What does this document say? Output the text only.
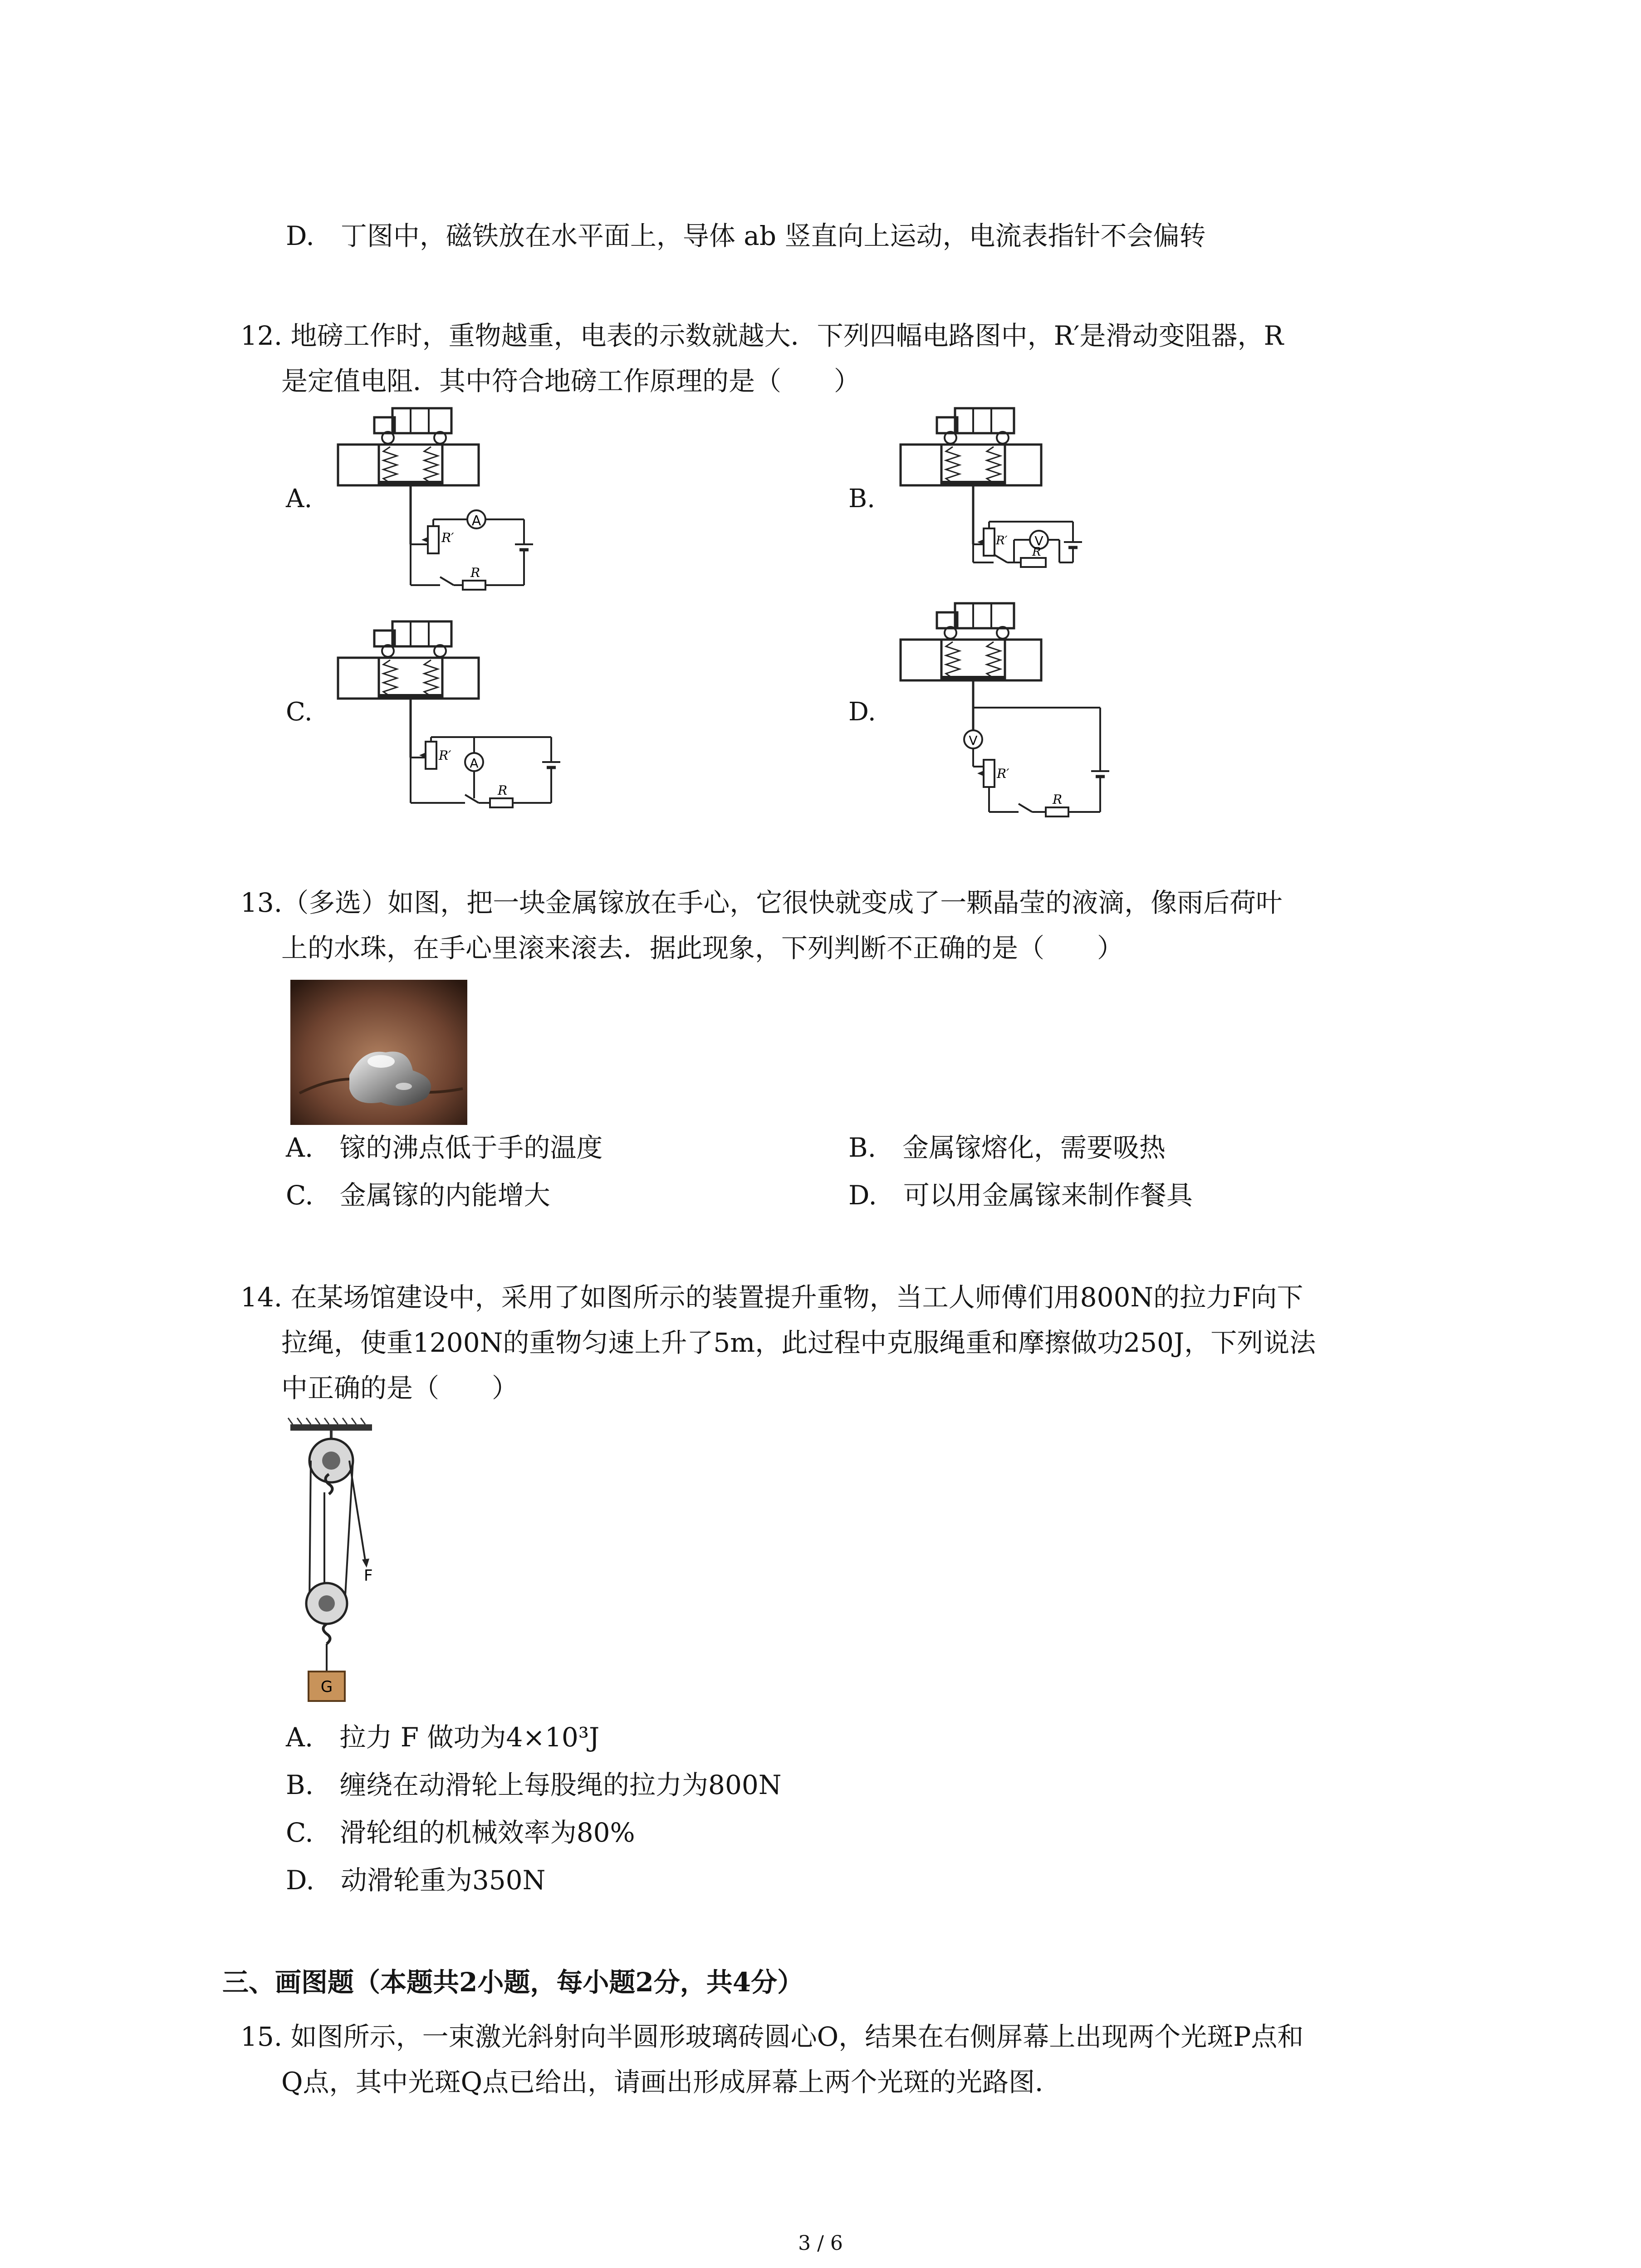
D.　丁图中，磁铁放在水平面上，导体 ab 竖直向上运动，电流表指针不会偏转

12. 地磅工作时，重物越重，电表的示数就越大．下列四幅电路图中，R′是滑动变阻器，R

是定值电阻．其中符合地磅工作原理的是（　　）

A.
A
R′
R
B.
V
R′
R
C.
A
R′
R
D.
V
R′
R

13.（多选）如图，把一块金属镓放在手心，它很快就变成了一颗晶莹的液滴，像雨后荷叶

上的水珠，在手心里滚来滚去．据此现象，下列判断不正确的是（　　）

A.　镓的沸点低于手的温度	B.　金属镓熔化，需要吸热

C.　金属镓的内能增大	D.　可以用金属镓来制作餐具

14. 在某场馆建设中，采用了如图所示的装置提升重物，当工人师傅们用800N的拉力F向下

拉绳，使重1200N的重物匀速上升了5m，此过程中克服绳重和摩擦做功250J，下列说法

中正确的是（　　）

F
G

A.　拉力 F 做功为4×10³J

B.　缠绕在动滑轮上每股绳的拉力为800N

C.　滑轮组的机械效率为80%

D.　动滑轮重为350N

三、画图题（本题共2小题，每小题2分，共4分）

15. 如图所示，一束激光斜射向半圆形玻璃砖圆心O，结果在右侧屏幕上出现两个光斑P点和

Q点，其中光斑Q点已给出，请画出形成屏幕上两个光斑的光路图．

3 / 6
